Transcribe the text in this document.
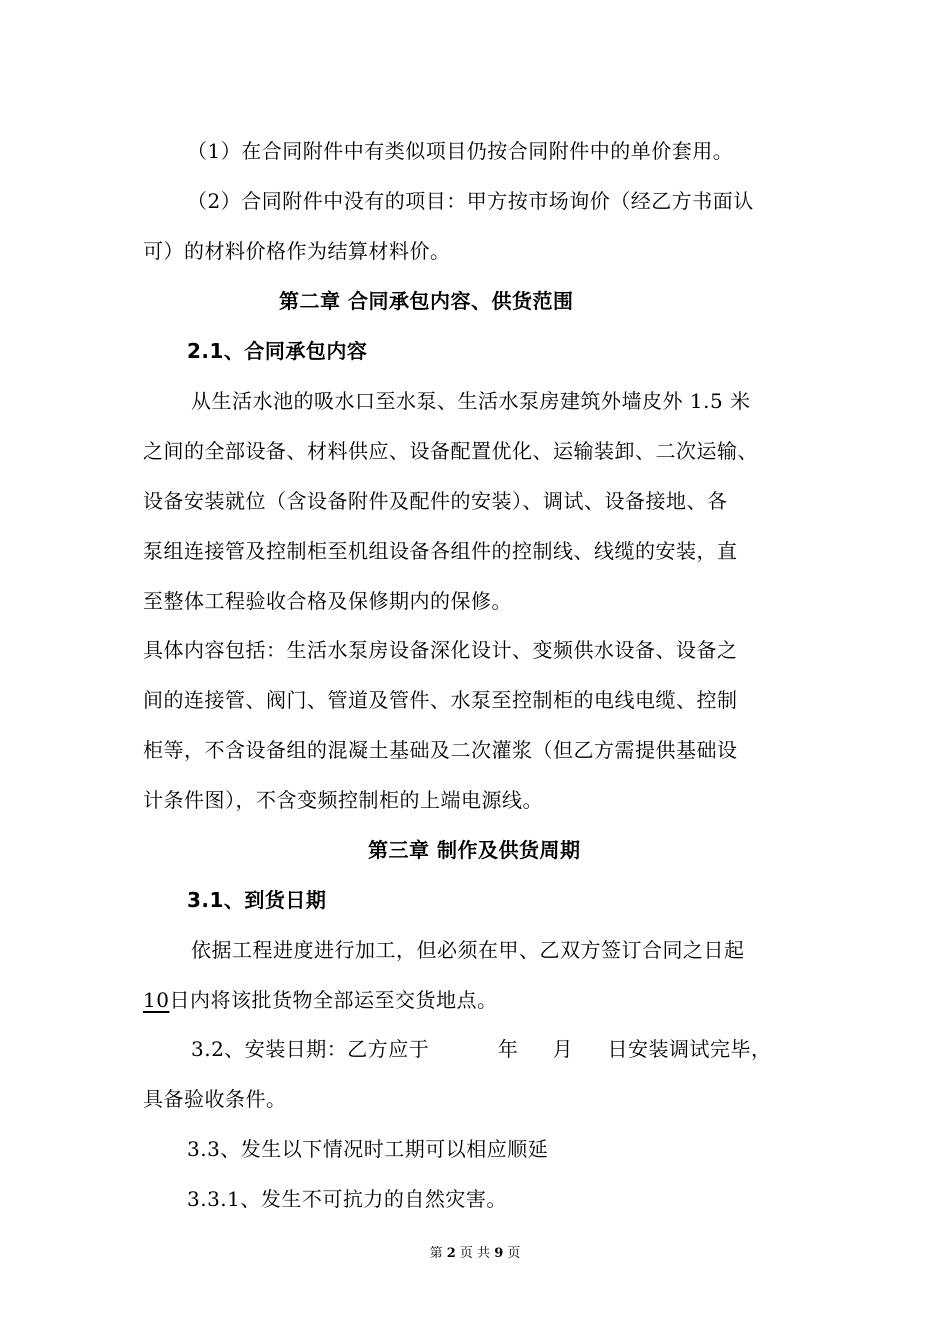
（1）在合同附件中有类似项目仍按合同附件中的单价套用。
（2）合同附件中没有的项目：甲方按市场询价（经乙方书面认
可）的材料价格作为结算材料价。
第二章 合同承包内容、供货范围
2.1、合同承包内容
从生活水池的吸水口至水泵、生活水泵房建筑外墙皮外 1.5 米
之间的全部设备、材料供应、设备配置优化、运输装卸、二次运输、
设备安装就位（含设备附件及配件的安装）、调试、设备接地、各
泵组连接管及控制柜至机组设备各组件的控制线、线缆的安装，直
至整体工程验收合格及保修期内的保修。
具体内容包括：生活水泵房设备深化设计、变频供水设备、设备之
间的连接管、阀门、管道及管件、水泵至控制柜的电线电缆、控制
柜等，不含设备组的混凝土基础及二次灌浆（但乙方需提供基础设
计条件图），不含变频控制柜的上端电源线。
第三章 制作及供货周期
3.1、到货日期
依据工程进度进行加工，但必须在甲、乙双方签订合同之日起
10日内将该批货物全部运至交货地点。
3.2、安装日期：乙方应于          年     月     日安装调试完毕，
具备验收条件。
3.3、发生以下情况时工期可以相应顺延
3.3.1、发生不可抗力的自然灾害。
第 2 页 共 9 页
